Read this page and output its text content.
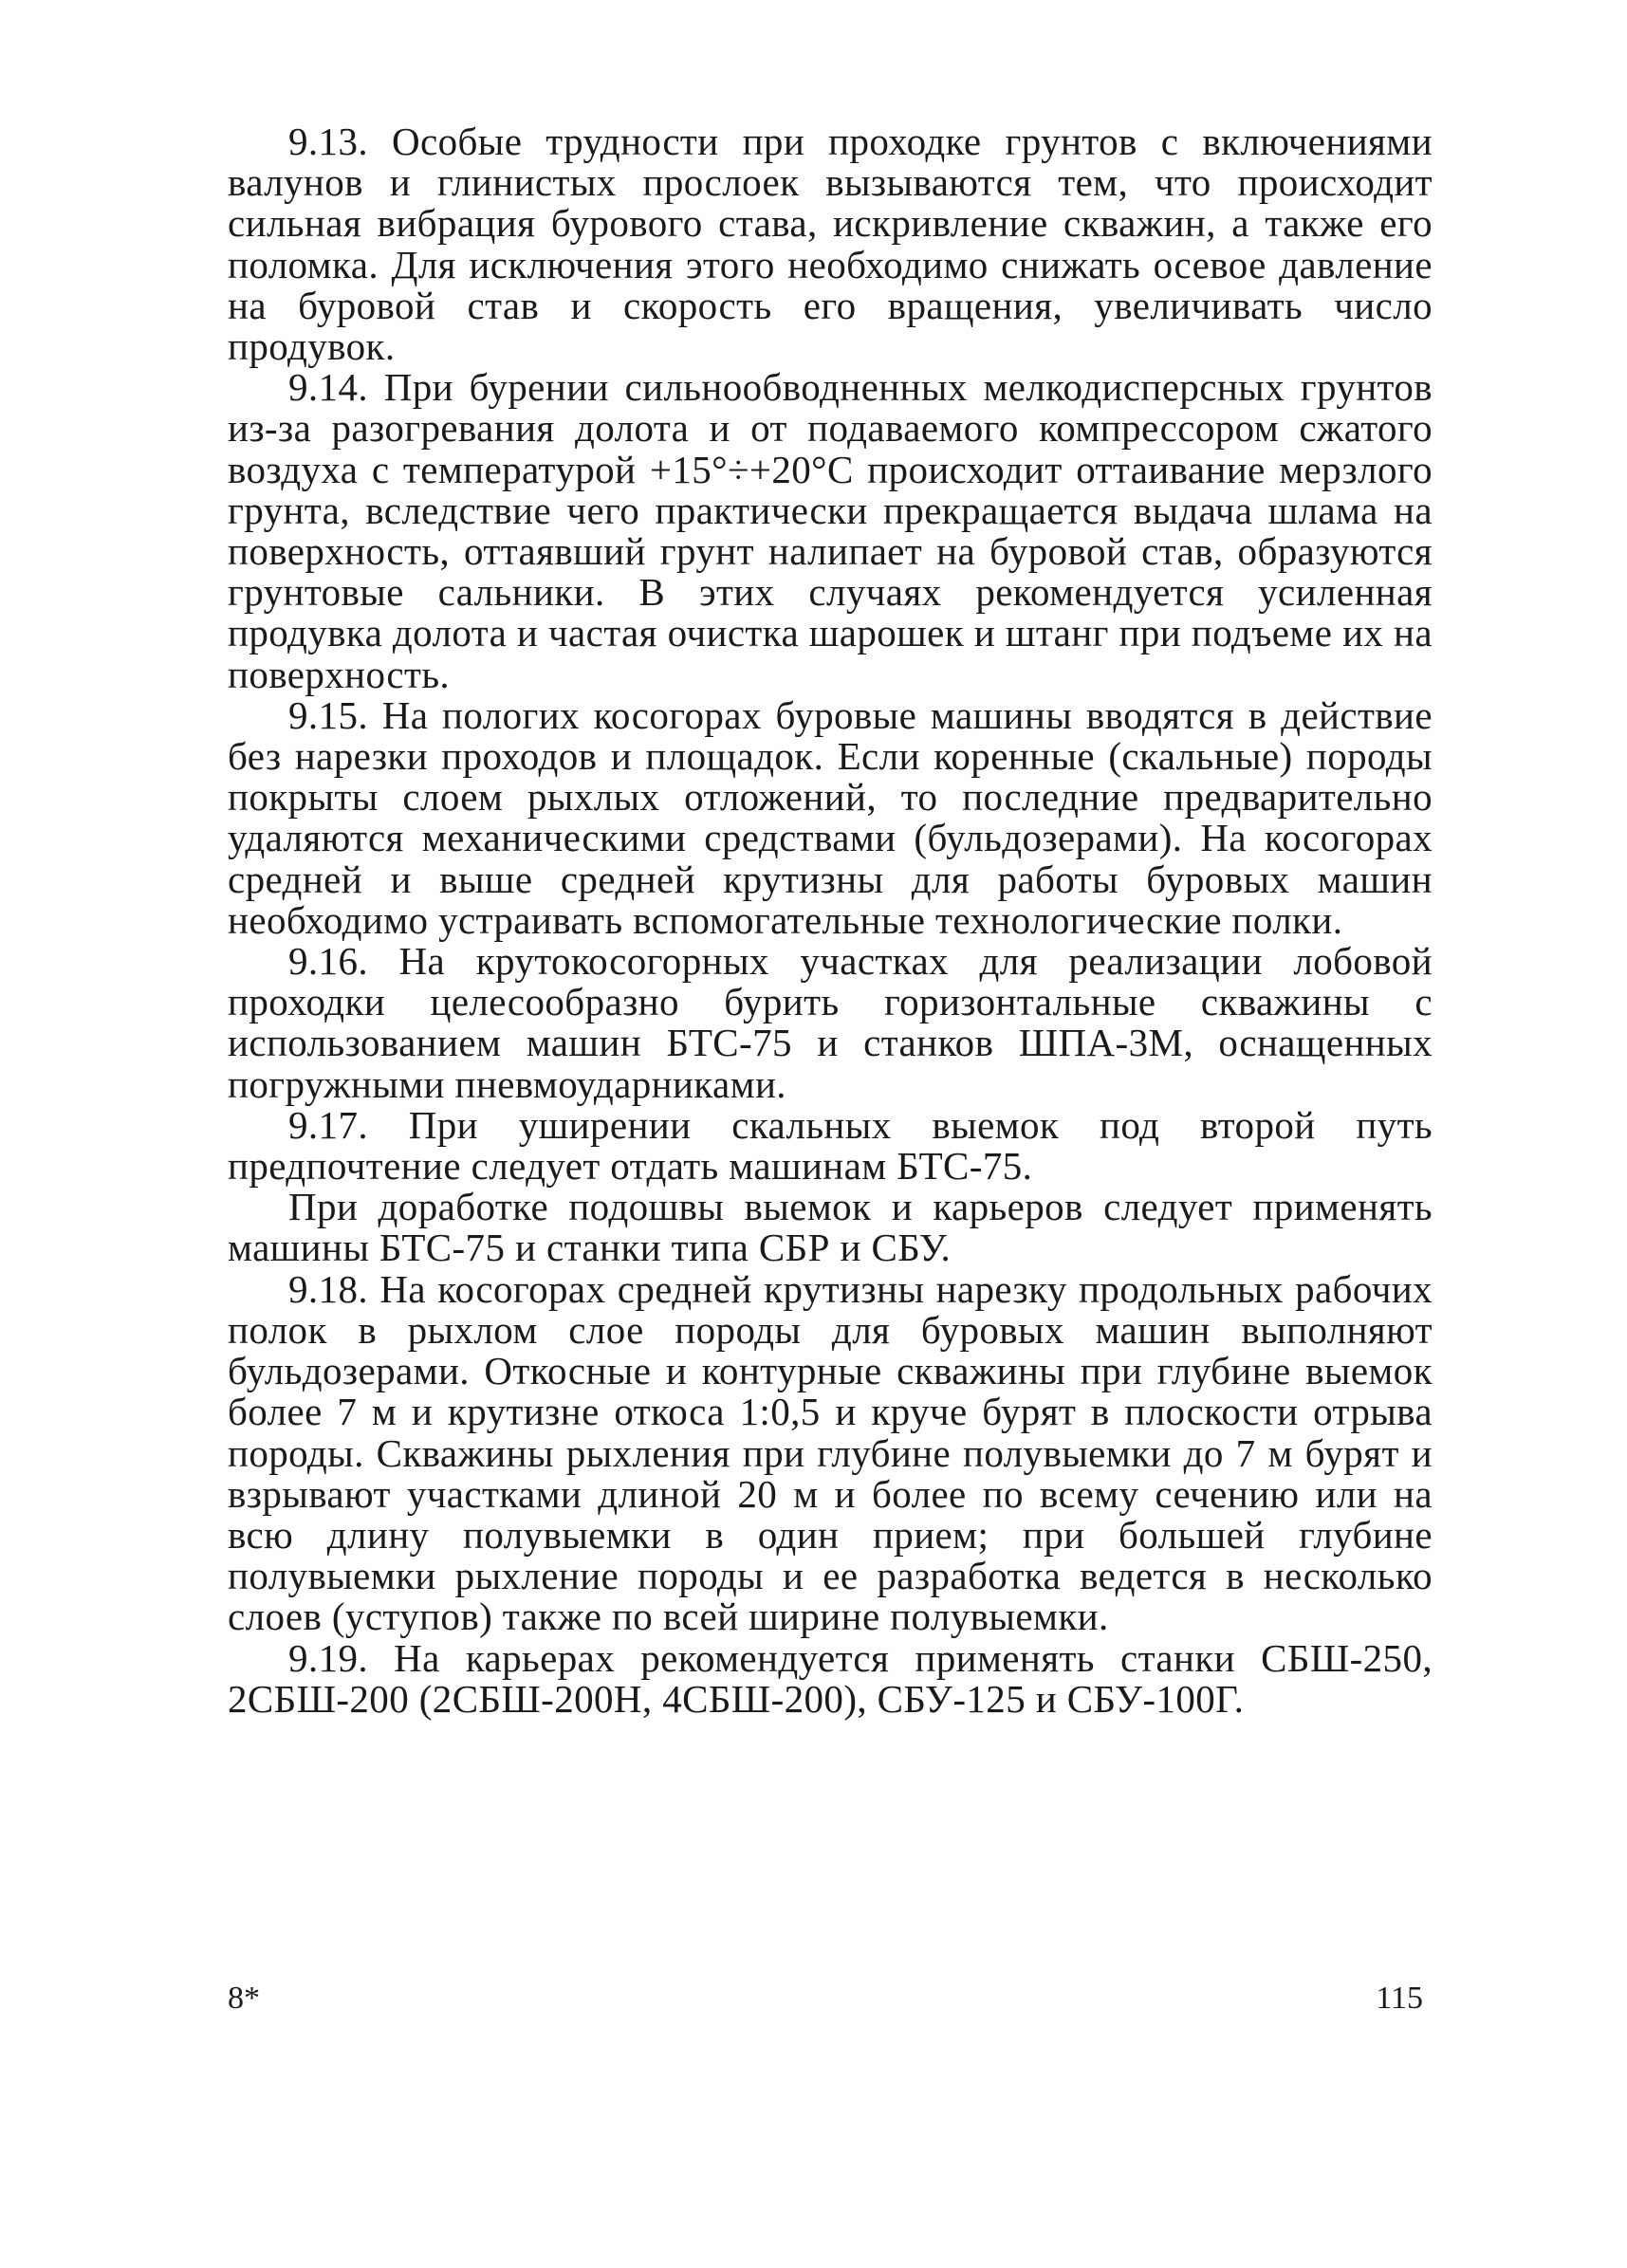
9.13. Особые трудности при проходке грунтов с включениями валунов и глинистых прослоек вызываются тем, что происходит сильная вибрация бурового става, искривление скважин, а также его поломка. Для исключения этого необходимо снижать осевое давление на буровой став и скорость его вращения, увеличивать число продувок.

9.14. При бурении сильнообводненных мелкодисперсных грунтов из-за разогревания долота и от подаваемого компрессором сжатого воздуха с температурой +15°÷+20°С происходит оттаивание мерзлого грунта, вследствие чего практически прекращается выдача шлама на поверхность, оттаявший грунт налипает на буровой став, образуются грунтовые сальники. В этих случаях рекомендуется усиленная продувка долота и частая очистка шарошек и штанг при подъеме их на поверхность.

9.15. На пологих косогорах буровые машины вводятся в действие без нарезки проходов и площадок. Если коренные (скальные) породы покрыты слоем рыхлых отложений, то последние предварительно удаляются механическими средствами (бульдозерами). На косогорах средней и выше средней крутизны для работы буровых машин необходимо устраивать вспомогательные технологические полки.

9.16. На крутокосогорных участках для реализации лобовой проходки целесообразно бурить горизонтальные скважины с использованием машин БТС-75 и станков ШПА-3М, оснащенных погружными пневмоударниками.

9.17. При уширении скальных выемок под второй путь предпочтение следует отдать машинам БТС-75.

При доработке подошвы выемок и карьеров следует применять машины БТС-75 и станки типа СБР и СБУ.

9.18. На косогорах средней крутизны нарезку продольных рабочих полок в рыхлом слое породы для буровых машин выполняют бульдозерами. Откосные и контурные скважины при глубине выемок более 7 м и крутизне откоса 1:0,5 и круче бурят в плоскости отрыва породы. Скважины рыхления при глубине полувыемки до 7 м бурят и взрывают участками длиной 20 м и более по всему сечению или на всю длину полувыемки в один прием; при большей глубине полувыемки рыхление породы и ее разработка ведется в несколько слоев (уступов) также по всей ширине полувыемки.

9.19. На карьерах рекомендуется применять станки СБШ-250, 2СБШ-200 (2СБШ-200Н, 4СБШ-200), СБУ-125 и СБУ-100Г.

8*	115
